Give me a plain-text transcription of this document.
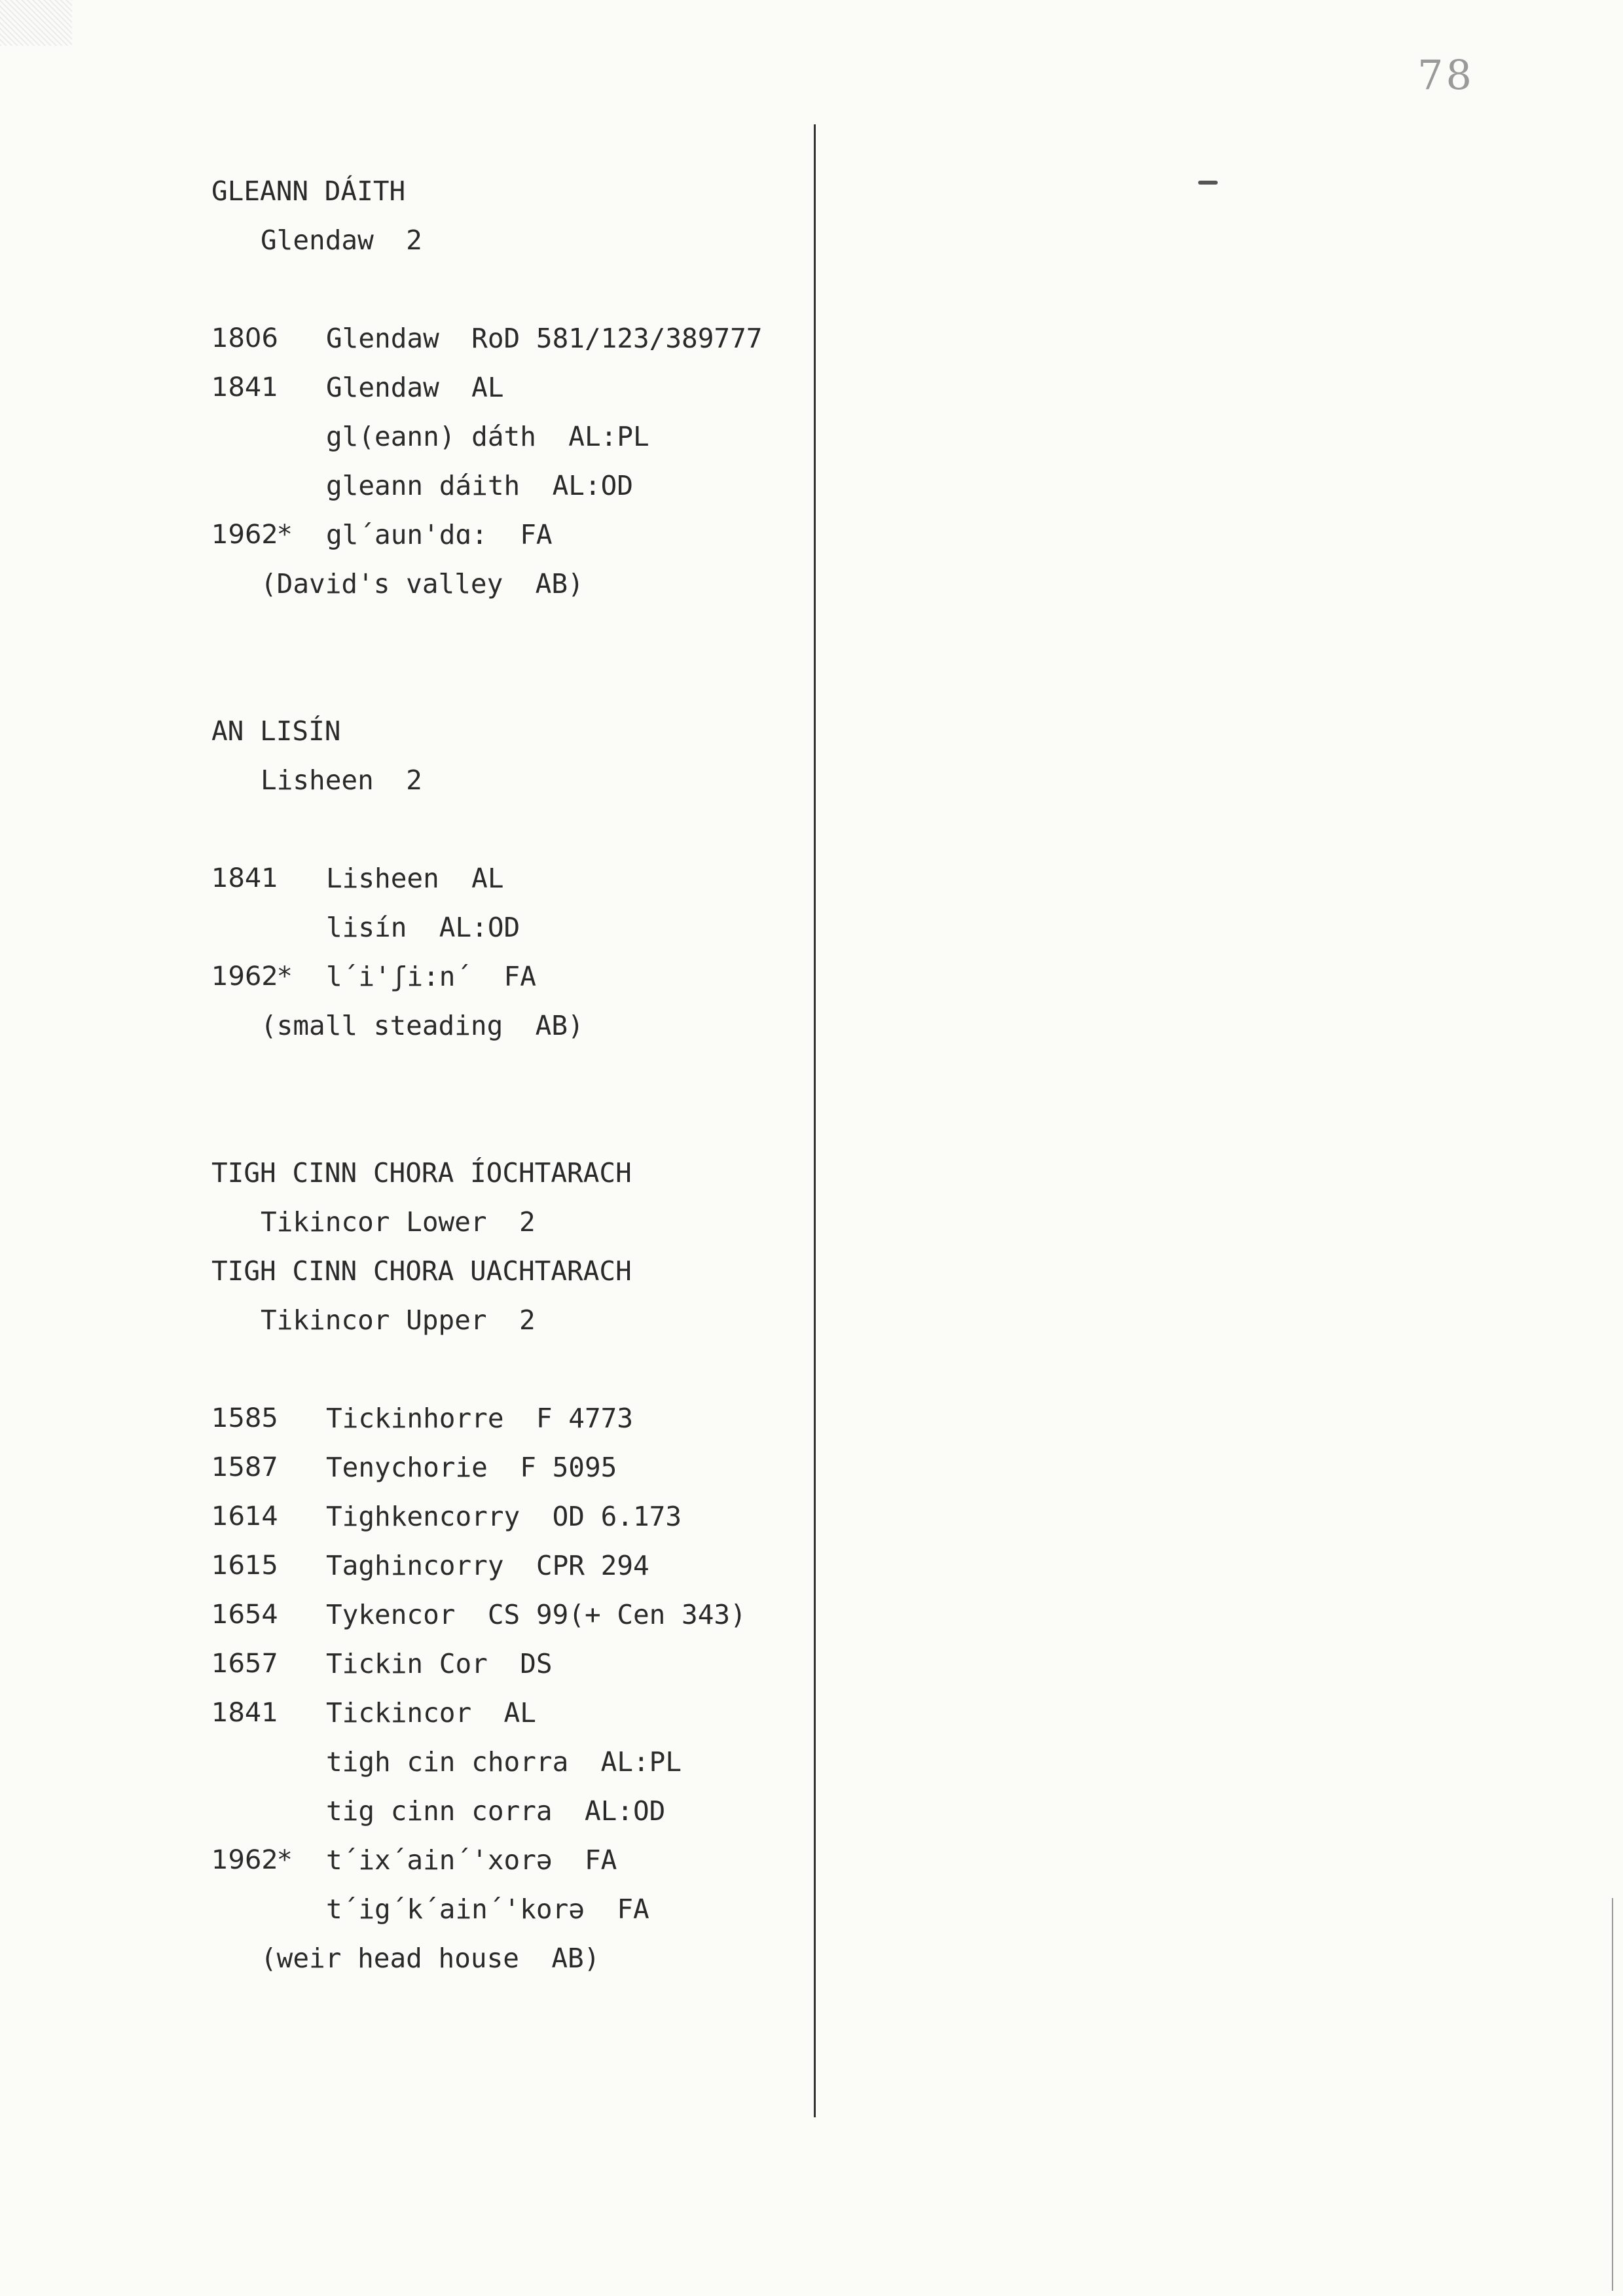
78
GLEANN DÁITH
Glendaw  2
1806	Glendaw  RoD 581/123/389777
1841	Glendaw  AL
gl(eann) dáth  AL:PL
gleann dáith  AL:OD
1962*	gl´aun'dɑ:  FA
(David's valley  AB)
AN LISÍN
Lisheen  2
1841	Lisheen  AL
lisín  AL:OD
1962*	l´i'ʃi:n´  FA
(small steading  AB)
TIGH CINN CHORA ÍOCHTARACH
Tikincor Lower  2
TIGH CINN CHORA UACHTARACH
Tikincor Upper  2
1585	Tickinhorre  F 4773
1587	Tenychorie  F 5095
1614	Tighkencorry  OD 6.173
1615	Taghincorry  CPR 294
1654	Tykencor  CS 99(+ Cen 343)
1657	Tickin Cor  DS
1841	Tickincor  AL
tigh cin chorra  AL:PL
tig cinn corra  AL:OD
1962*	t´ix´ain´'xorə  FA
t´ig´k´ain´'korə  FA
(weir head house  AB)
